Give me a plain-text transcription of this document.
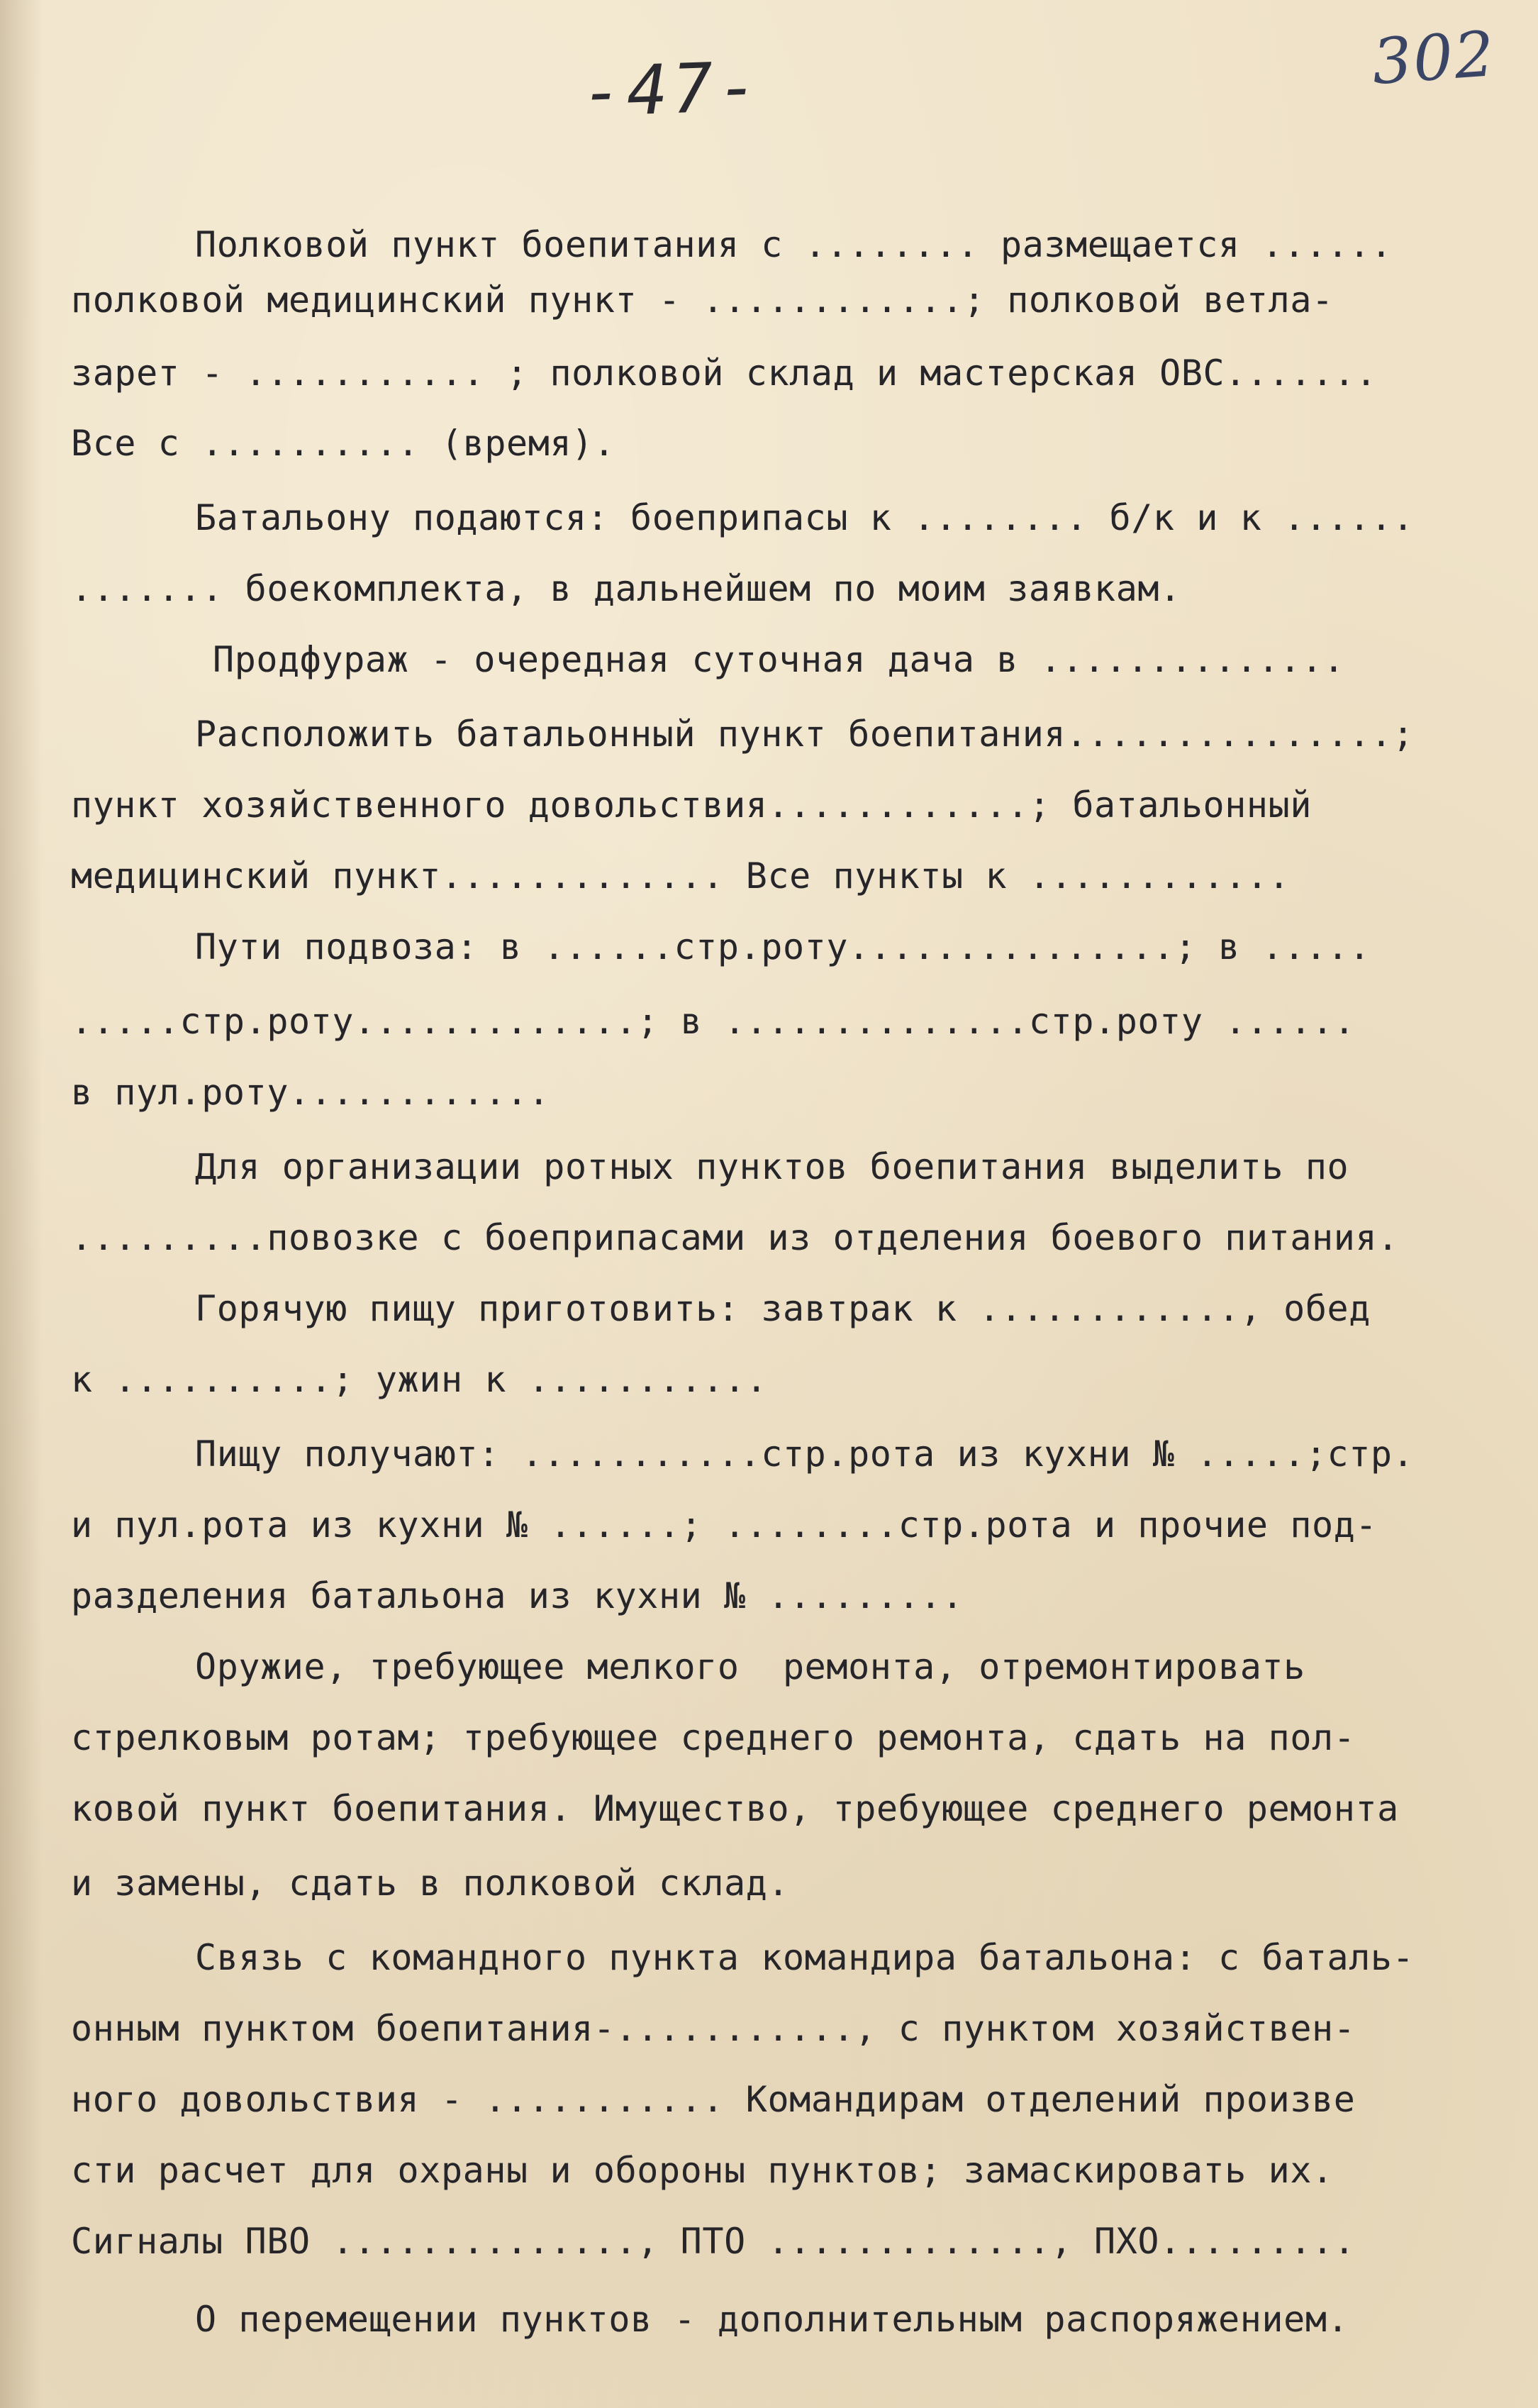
-47-	302
Полковой пункт боепитания с ........ размещается ......
полковой медицинский пункт - ............; полковой ветла-
зарет - ........... ; полковой склад и мастерская ОВС.......
Все с .......... (время).
Батальону подаются: боеприпасы к ........ б/к и к ......
....... боекомплекта, в дальнейшем по моим заявкам.
Продфураж - очередная суточная дача в ..............
Расположить батальонный пункт боепитания...............;
пункт хозяйственного довольствия............; батальонный
медицинский пункт............. Все пункты к ............
Пути подвоза: в ......стр.роту...............; в .....
.....стр.роту.............; в ..............стр.роту ......
в пул.роту............
Для организации ротных пунктов боепитания выделить по
.........повозке с боеприпасами из отделения боевого питания.
Горячую пищу приготовить: завтрак к ............, обед
к ..........; ужин к ...........
Пищу получают: ...........стр.рота из кухни № .....;стр.
и пул.рота из кухни № ......; ........стр.рота и прочие под-
разделения батальона из кухни № .........
Оружие, требующее мелкого  ремонта, отремонтировать
стрелковым ротам; требующее среднего ремонта, сдать на пол-
ковой пункт боепитания. Имущество, требующее среднего ремонта
и замены, сдать в полковой склад.
Связь с командного пункта командира батальона: с баталь-
онным пунктом боепитания-..........., с пунктом хозяйствен-
ного довольствия - ........... Командирам отделений произве
сти расчет для охраны и обороны пунктов; замаскировать их.
Сигналы ПВО .............., ПТО ............., ПХО.........
О перемещении пунктов - дополнительным распоряжением.
